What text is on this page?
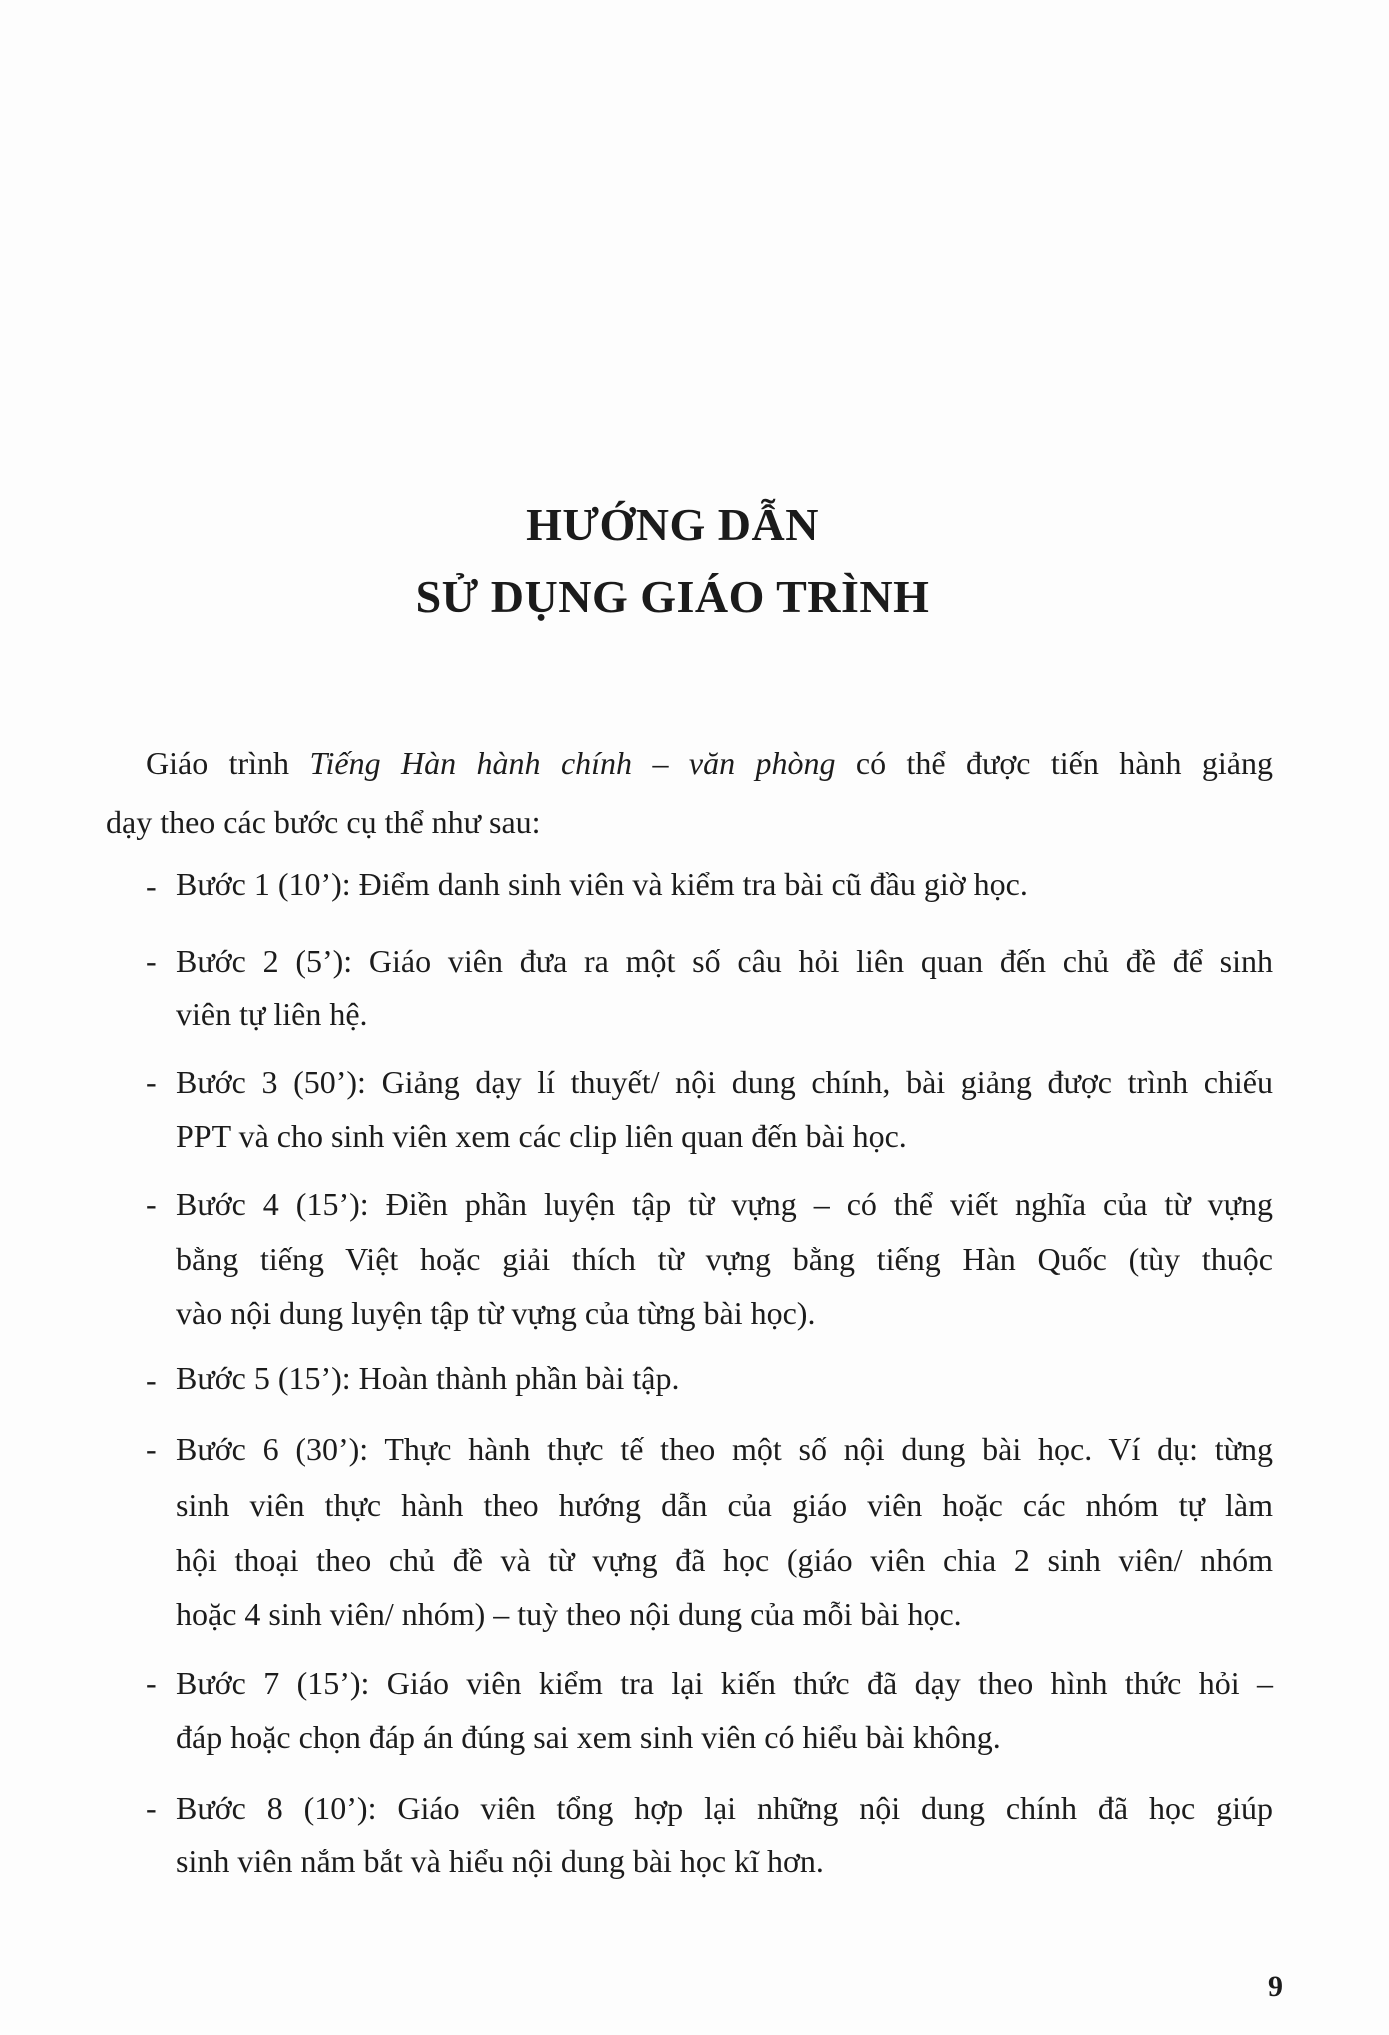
HƯỚNG DẪN
SỬ DỤNG GIÁO TRÌNH
Giáo trình Tiếng Hàn hành chính – văn phòng có thể được tiến hành giảng
dạy theo các bước cụ thể như sau:
- Bước 1 (10’): Điểm danh sinh viên và kiểm tra bài cũ đầu giờ học.
- Bước 2 (5’): Giáo viên đưa ra một số câu hỏi liên quan đến chủ đề để sinh
viên tự liên hệ.
- Bước 3 (50’): Giảng dạy lí thuyết/ nội dung chính, bài giảng được trình chiếu
PPT và cho sinh viên xem các clip liên quan đến bài học.
- Bước 4 (15’): Điền phần luyện tập từ vựng – có thể viết nghĩa của từ vựng
bằng tiếng Việt hoặc giải thích từ vựng bằng tiếng Hàn Quốc (tùy thuộc
vào nội dung luyện tập từ vựng của từng bài học).
- Bước 5 (15’): Hoàn thành phần bài tập.
- Bước 6 (30’): Thực hành thực tế theo một số nội dung bài học. Ví dụ: từng
sinh viên thực hành theo hướng dẫn của giáo viên hoặc các nhóm tự làm
hội thoại theo chủ đề và từ vựng đã học (giáo viên chia 2 sinh viên/ nhóm
hoặc 4 sinh viên/ nhóm) – tuỳ theo nội dung của mỗi bài học.
- Bước 7 (15’): Giáo viên kiểm tra lại kiến thức đã dạy theo hình thức hỏi –
đáp hoặc chọn đáp án đúng sai xem sinh viên có hiểu bài không.
- Bước 8 (10’): Giáo viên tổng hợp lại những nội dung chính đã học giúp
sinh viên nắm bắt và hiểu nội dung bài học kĩ hơn.
9
